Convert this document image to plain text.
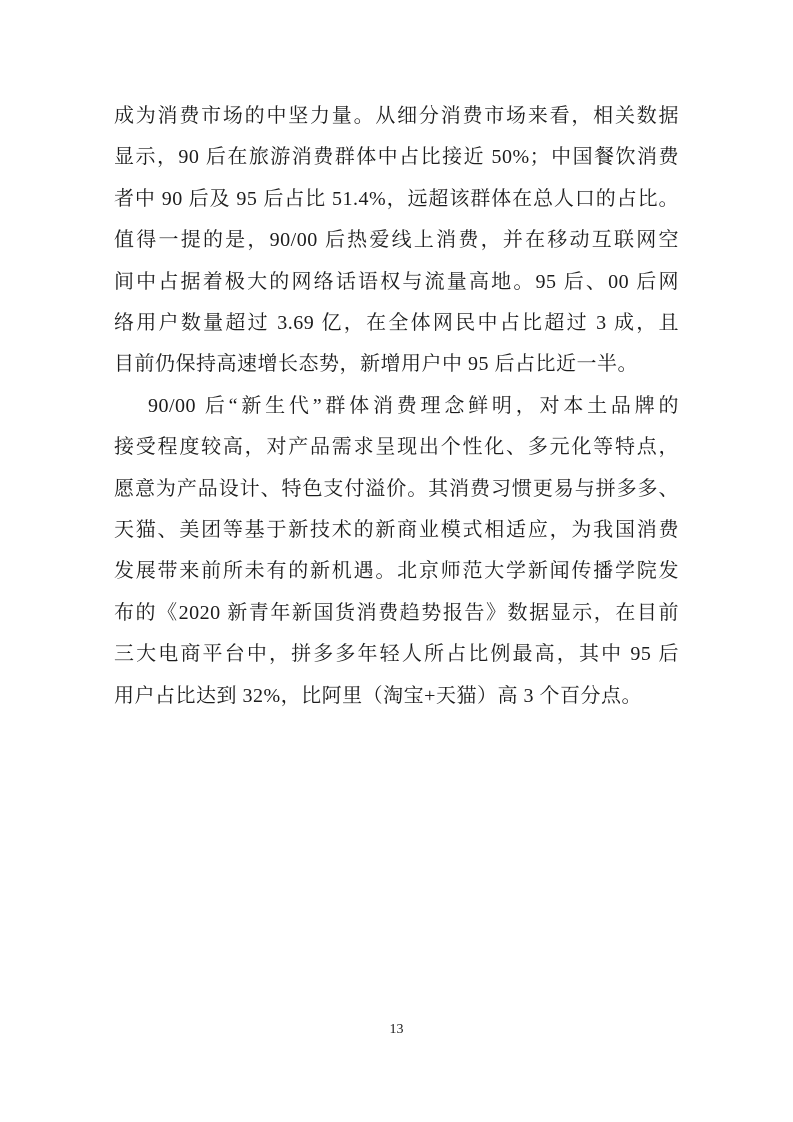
成为消费市场的中坚力量。从细分消费市场来看，相关数据
显示，90 后在旅游消费群体中占比接近 50%；中国餐饮消费
者中 90 后及 95 后占比 51.4%，远超该群体在总人口的占比。
值得一提的是，90/00 后热爱线上消费，并在移动互联网空
间中占据着极大的网络话语权与流量高地。95 后、00 后网
络用户数量超过 3.69 亿，在全体网民中占比超过 3 成，且
目前仍保持高速增长态势，新增用户中 95 后占比近一半。
90/00 后“新生代”群体消费理念鲜明，对本土品牌的
接受程度较高，对产品需求呈现出个性化、多元化等特点，
愿意为产品设计、特色支付溢价。其消费习惯更易与拼多多、
天猫、美团等基于新技术的新商业模式相适应，为我国消费
发展带来前所未有的新机遇。北京师范大学新闻传播学院发
布的《2020 新青年新国货消费趋势报告》数据显示，在目前
三大电商平台中，拼多多年轻人所占比例最高，其中 95 后
用户占比达到 32%，比阿里（淘宝+天猫）高 3 个百分点。
13
